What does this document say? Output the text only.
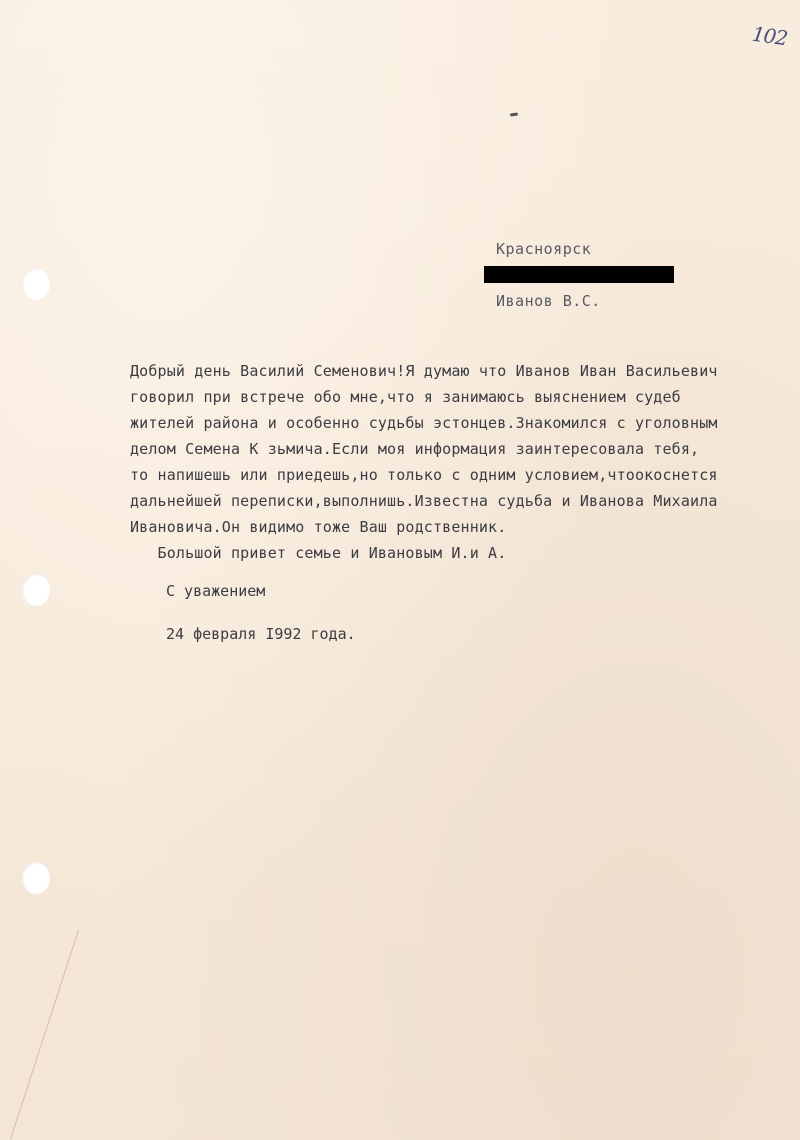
102
Красноярск
Иванов В.С.
Добрый день Василий Семенович!Я думаю что Иванов Иван Васильевич
говорил при встрече обо мне,что я занимаюсь выяснением судеб
жителей района и особенно судьбы эстонцев.Знакомился с уголовным
делом Семена К зьмича.Если моя информация заинтересовала тебя,
то напишешь или приедешь,но только с одним условием,чтоокоснется
дальнейшей переписки,выполнишь.Известна судьба и Иванова Михаила
Ивановича.Он видимо тоже Ваш родственник.
Большой привет семье и Ивановым И.и А.
С уважением
24 февраля I992 года.
